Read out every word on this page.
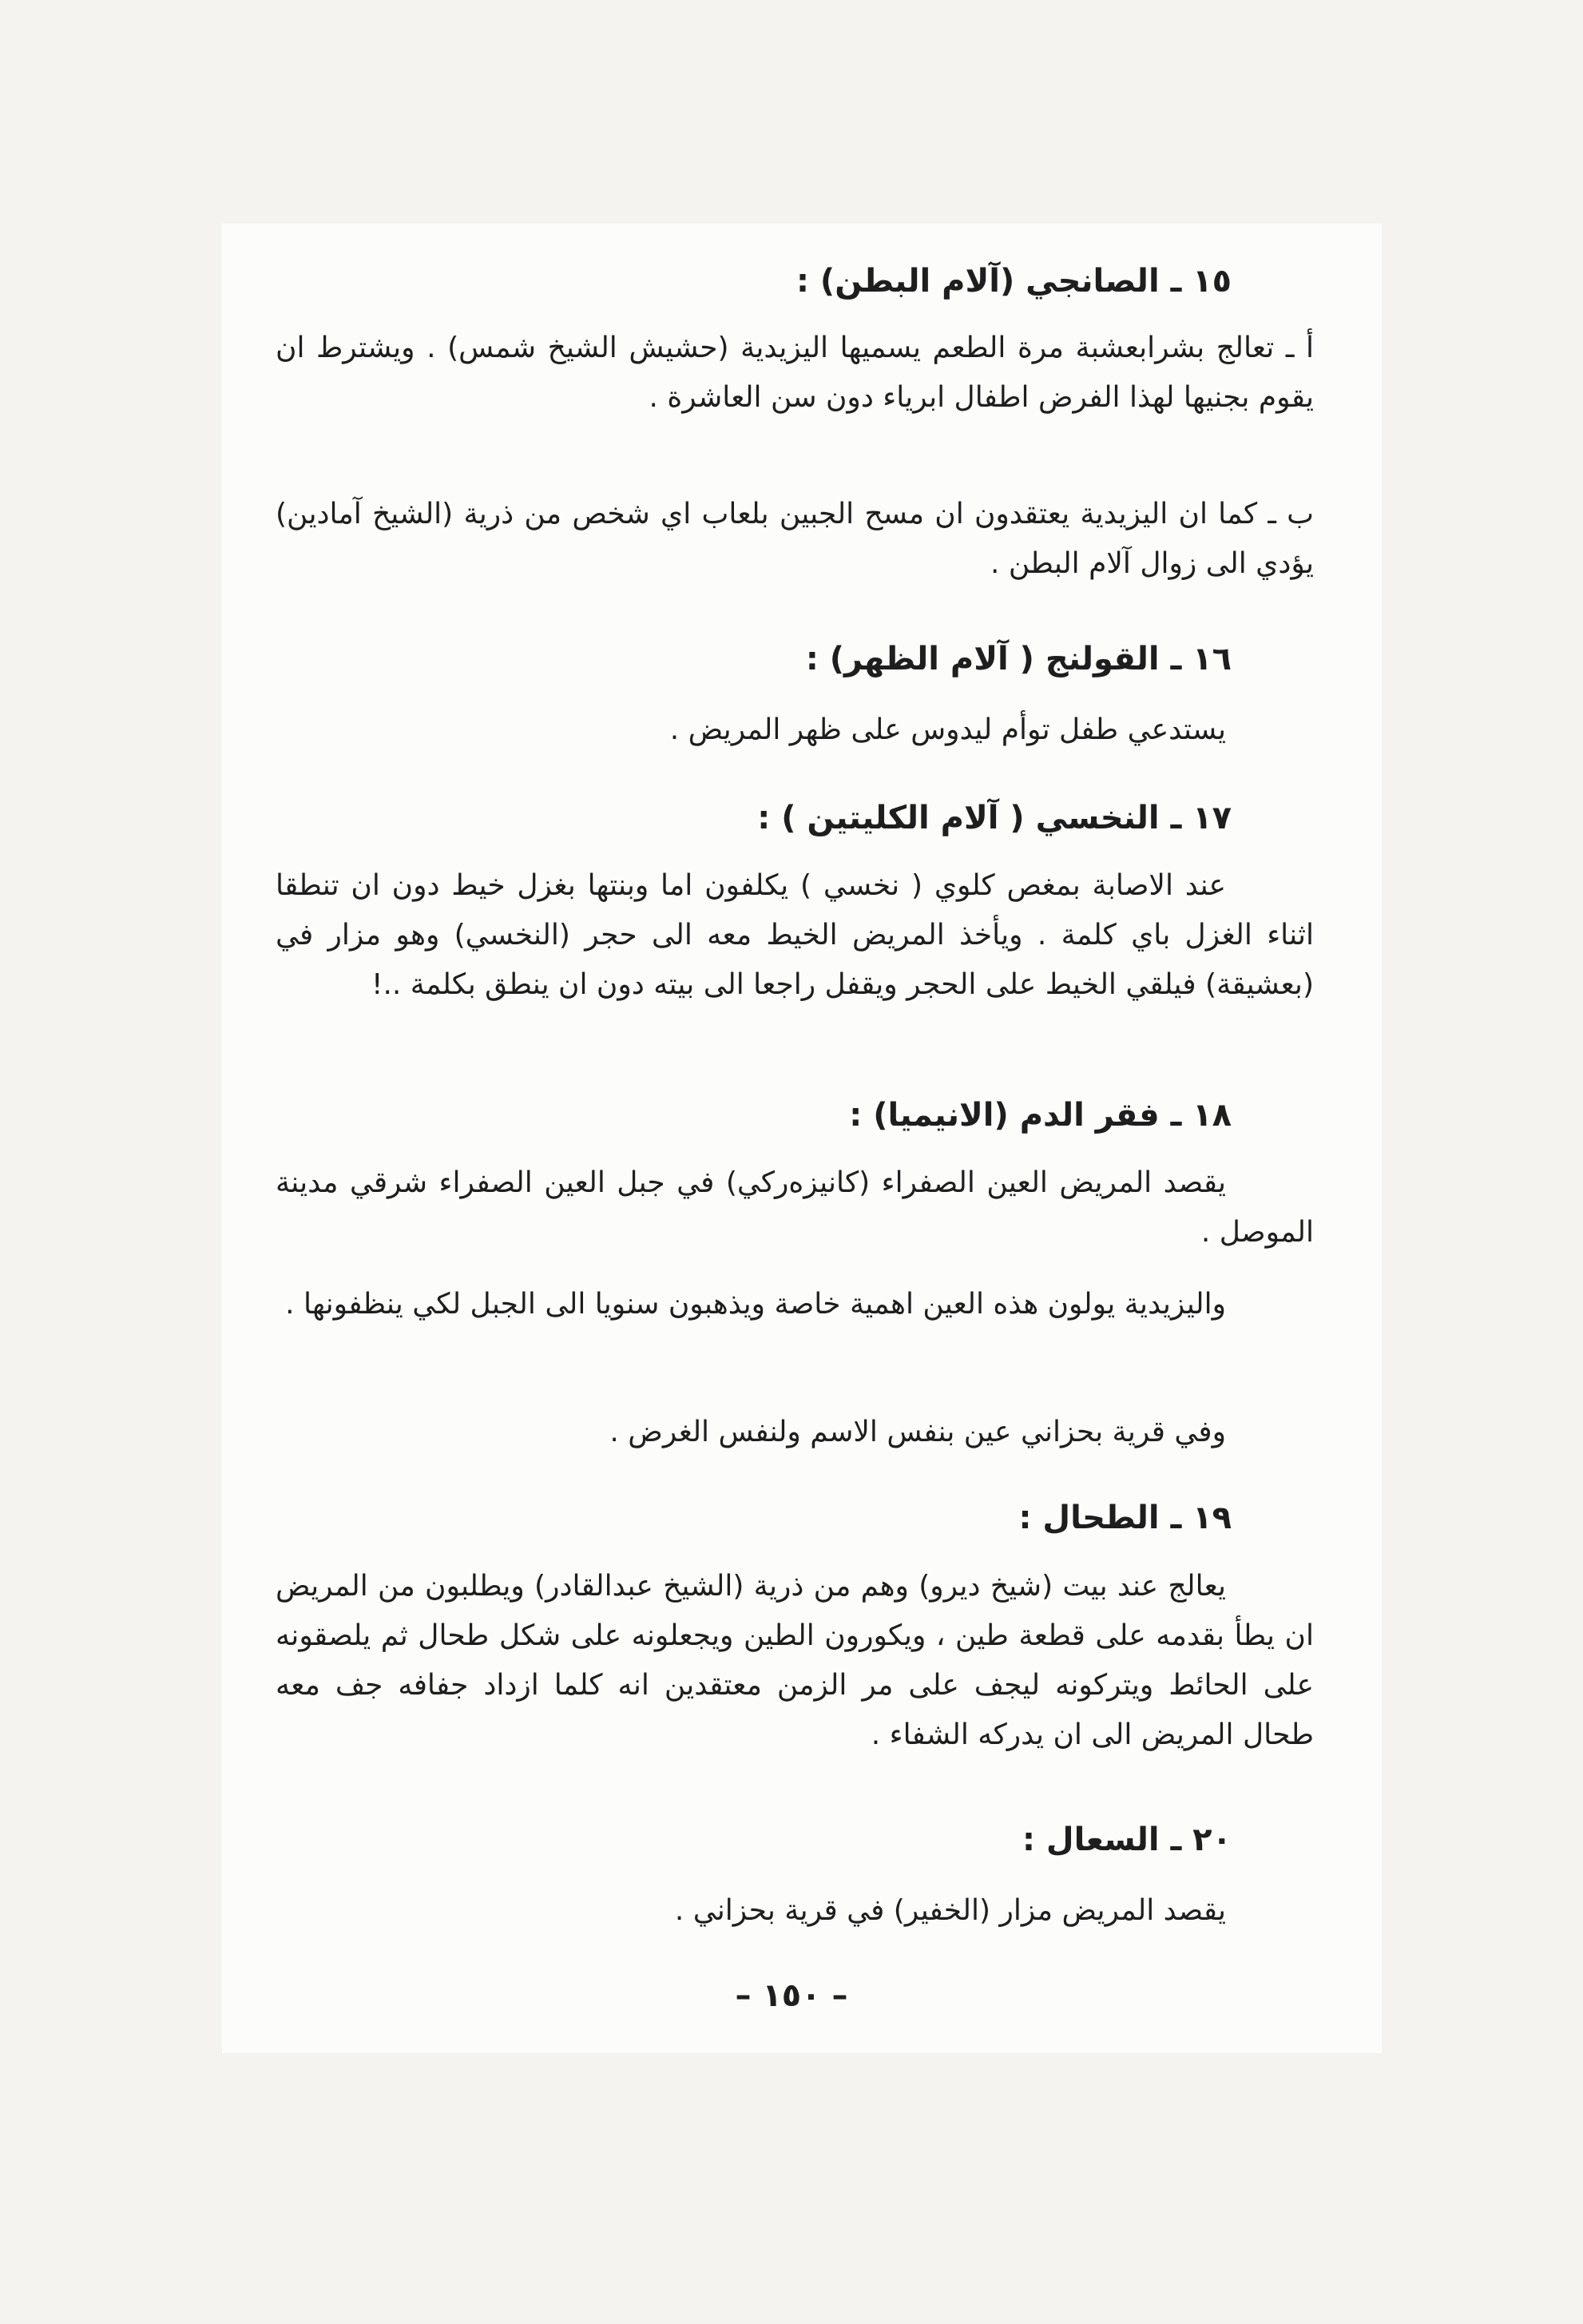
١٥ ـ الصانجي (آلام البطن) :
أ ـ تعالج بشرابعشبة مرة الطعم يسميها اليزيدية (حشيش الشيخ شمس) . ويشترط ان يقوم بجنيها لهذا الفرض اطفال ابرياء دون سن العاشرة .
ب ـ كما ان اليزيدية يعتقدون ان مسح الجبين بلعاب اي شخص من ذرية (الشيخ آمادين) يؤدي الى زوال آلام البطن .
١٦ ـ القولنج ( آلام الظهر) :
يستدعي طفل توأم ليدوس على ظهر المريض .
١٧ ـ النخسي ( آلام الكليتين ) :
عند الاصابة بمغص كلوي ( نخسي ) يكلفون اما وبنتها بغزل خيط دون ان تنطقا اثناء الغزل باي كلمة . ويأخذ المريض الخيط معه الى حجر (النخسي) وهو مزار في (بعشيقة) فيلقي الخيط على الحجر ويقفل راجعا الى بيته دون ان ينطق بكلمة ..!
١٨ ـ فقر الدم (الانيميا) :
يقصد المريض العين الصفراء (كانيزەركي) في جبل العين الصفراء شرقي مدينة الموصل .
واليزيدية يولون هذه العين اهمية خاصة ويذهبون سنويا الى الجبل لكي ينظفونها .
وفي قرية بحزاني عين بنفس الاسم ولنفس الغرض .
١٩ ـ الطحال :
يعالج عند بيت (شيخ ديرو) وهم من ذرية (الشيخ عبدالقادر) ويطلبون من المريض ان يطأ بقدمه على قطعة طين ، ويكورون الطين ويجعلونه على شكل طحال ثم يلصقونه على الحائط ويتركونه ليجف على مر الزمن معتقدين انه كلما ازداد جفافه جف معه طحال المريض الى ان يدركه الشفاء .
٢٠ ـ السعال :
يقصد المريض مزار (الخفير) في قرية بحزاني .
– ١٥٠ –
